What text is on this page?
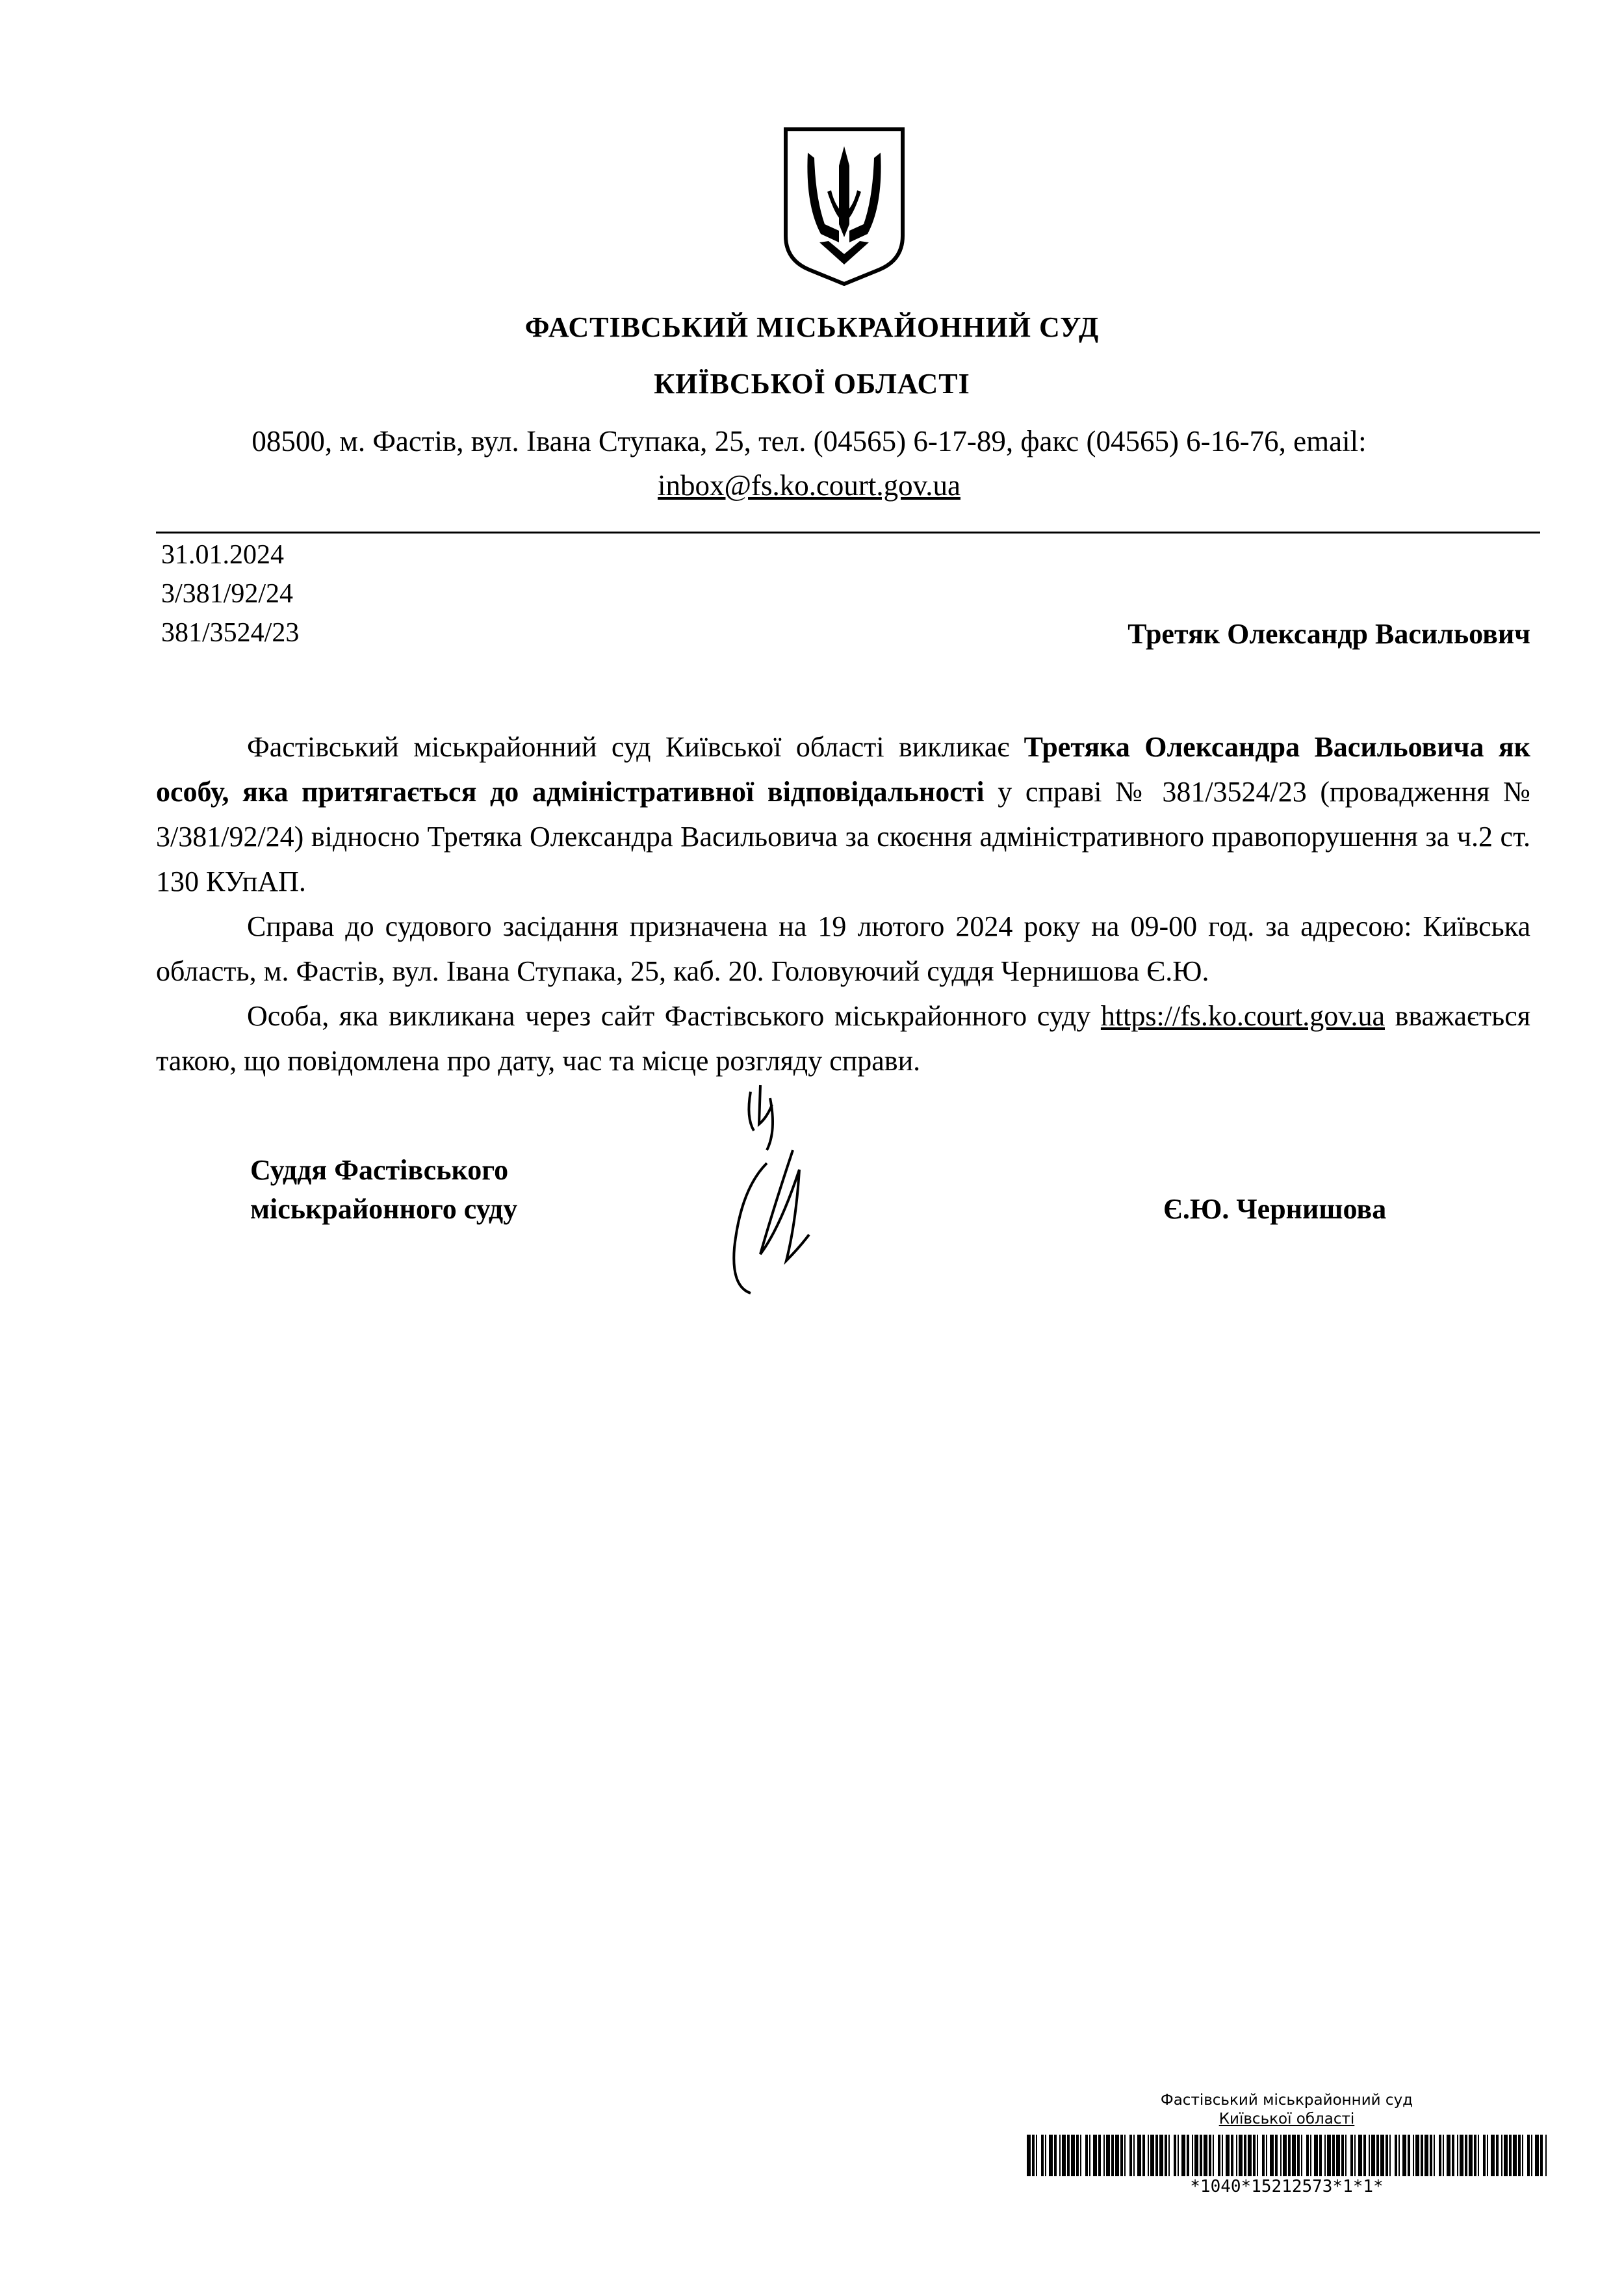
ФАСТІВСЬКИЙ МІСЬКРАЙОННИЙ СУД
КИЇВСЬКОЇ ОБЛАСТІ
08500, м. Фастів, вул. Івана Ступака, 25, тел. (04565) 6-17-89, факс (04565) 6-16-76, email:
inbox@fs.ko.court.gov.ua
31.01.2024
3/381/92/24
381/3524/23	Третяк Олександр Васильович

Фастівський міськрайонний суд Київської області викликає Третяка Олександра Васильовича як особу, яка притягається до адміністративної відповідальності у справі № 381/3524/23 (провадження № 3/381/92/24) відносно Третяка Олександра Васильовича за скоєння адміністративного правопорушення за ч.2 ст. 130 КУпАП.

Справа до судового засідання призначена на 19 лютого 2024 року на 09-00 год. за адресою: Київська область, м. Фастів, вул. Івана Ступака, 25, каб. 20. Головуючий суддя Чернишова Є.Ю.

Особа, яка викликана через сайт Фастівського міськрайонного суду https://fs.ko.court.gov.ua вважається такою, що повідомлена про дату, час та місце розгляду справи.

Суддя Фастівського
міськрайонного суду	Є.Ю. Чернишова
Фастівський міськрайонний суд
Київської області
*1040*15212573*1*1*
